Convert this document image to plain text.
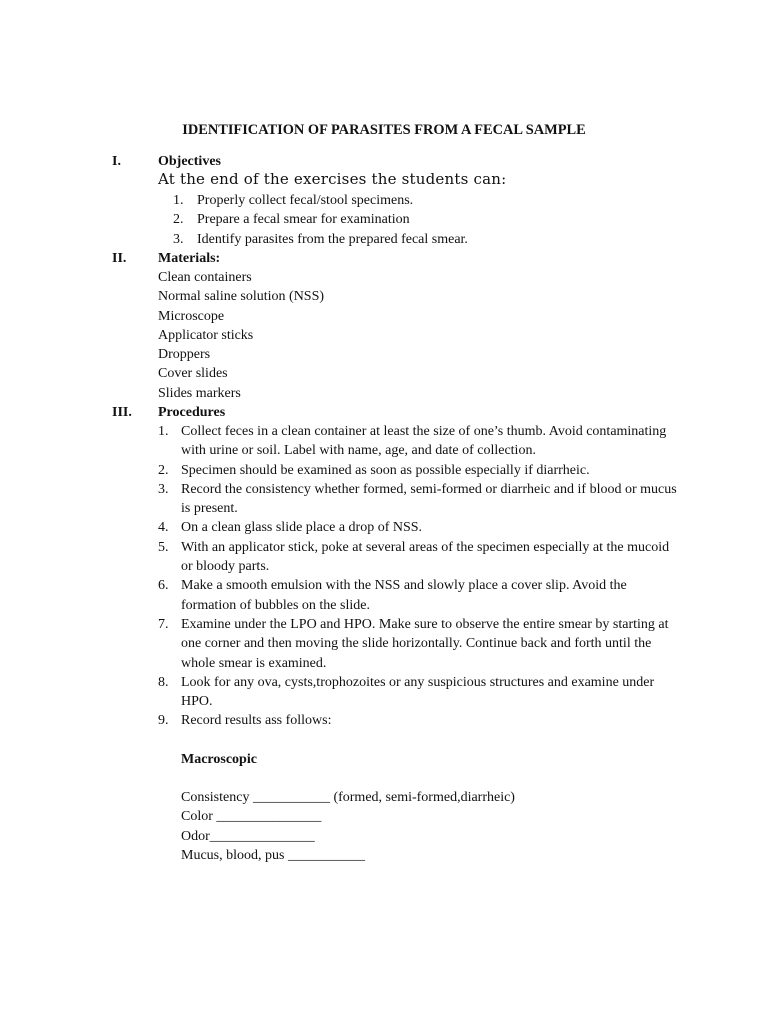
IDENTIFICATION OF PARASITES FROM A FECAL SAMPLE
I.	Objectives
At the end of the exercises the students can:
1. Properly collect fecal/stool specimens.
2. Prepare a fecal smear for examination
3. Identify parasites from the prepared fecal smear.
II. Materials:
Clean containers
Normal saline solution (NSS)
Microscope
Applicator sticks
Droppers
Cover slides
Slides markers
III. Procedures
1. Collect feces in a clean container at least the size of one’s thumb. Avoid contaminating with urine or soil. Label with name, age, and date of collection.
2. Specimen should be examined as soon as possible especially if diarrheic.
3. Record the consistency whether formed, semi-formed or diarrheic and if blood or mucus is present.
4. On a clean glass slide place a drop of NSS.
5. With an applicator stick, poke at several areas of the specimen especially at the mucoid or bloody parts.
6. Make a smooth emulsion with the NSS and slowly place a cover slip. Avoid the formation of bubbles on the slide.
7. Examine under the LPO and HPO. Make sure to observe the entire smear by starting at one corner and then moving the slide horizontally. Continue back and forth until the whole smear is examined.
8. Look for any ova, cysts,trophozoites or any suspicious structures and examine under HPO.
9. Record results ass follows:
Macroscopic
Consistency ___________ (formed, semi-formed,diarrheic)
Color _______________
Odor_______________
Mucus, blood, pus ___________
